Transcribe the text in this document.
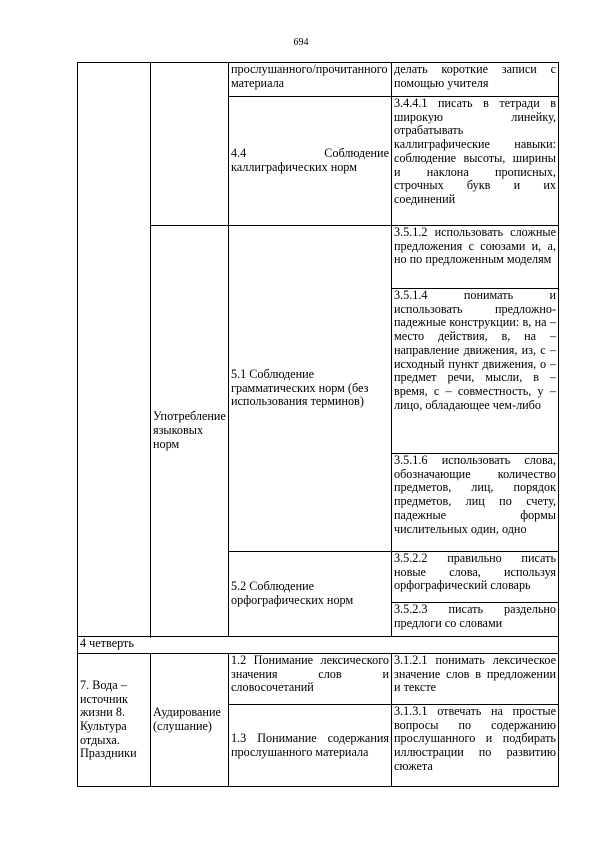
694
		прослушанного/прочитанного материала	делать короткие записи с помощью учителя
		4.4 Соблюдение каллиграфических норм	3.4.4.1 писать в тетради в широкую линейку, отрабатывать каллиграфические навыки: соблюдение высоты, ширины и наклона прописных, строчных букв и их соединений
	Употребление языковых норм	5.1 Соблюдение грамматических норм (без использования терминов)	3.5.1.2 использовать сложные предложения с союзами и, а, но по предложенным моделям
			3.5.1.4 понимать и использовать предложно-падежные конструкции: в, на – место действия, в, на – направление движения, из, с – исходный пункт движения, о – предмет речи, мысли, в – время, с – совместность, у – лицо, обладающее чем-либо
			3.5.1.6 использовать слова, обозначающие количество предметов, лиц, порядок предметов, лиц по счету, падежные формы числительных один, одно
		5.2 Соблюдение орфографических норм	3.5.2.2 правильно писать новые слова, используя орфографический словарь
			3.5.2.3 писать раздельно предлоги со словами

4 четверть			
7. Вода – источник жизни 8. Культура отдыха. Праздники	Аудирование (слушание)	1.2 Понимание лексического значения слов и словосочетаний	3.1.2.1 понимать лексическое значение слов в предложении и тексте
		1.3 Понимание содержания прослушанного материала	3.1.3.1 отвечать на простые вопросы по содержанию прослушанного и подбирать иллюстрации по развитию сюжета
